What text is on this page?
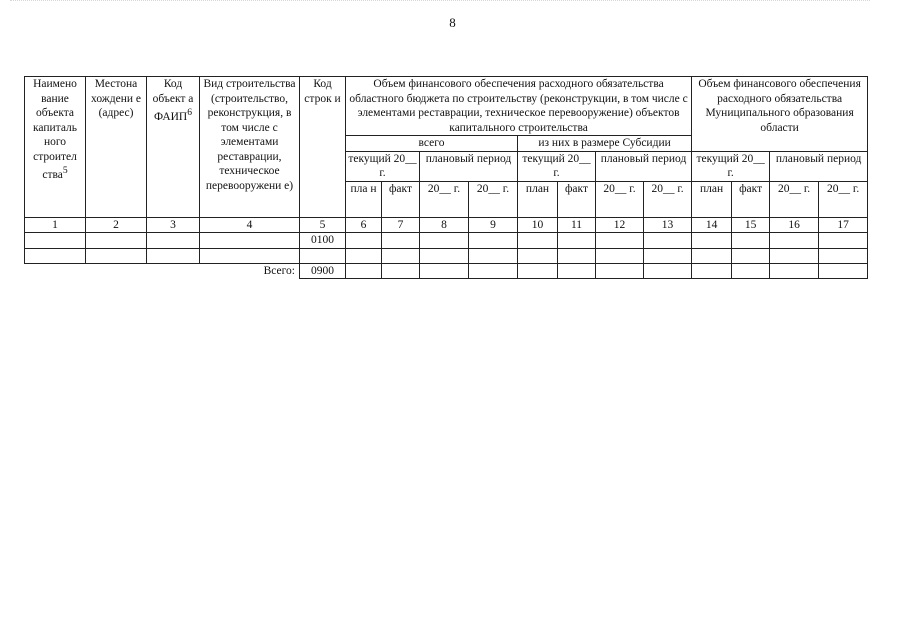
8
Наимено вание объекта капиталь ного строител ства$^5$	Местона хождени е (адрес)	Код объект а ФАИП$^6$	Вид строительства (строительство, реконструкция, в том числе с элементами реставрации, техническое перевооружени е)	Код строк и	Объем финансового обеспечения расходного обязательства областного бюджета по строительству (реконструкции, в том числе с элементами реставрации, техническое перевооружение) объектов капитального строительства								Объем финансового обеспечения расходного обязательства Муниципального образования области			
					всего				из них в размере Субсидии							
					текущий 20__ г.		плановый период		текущий 20__ г.		плановый период		текущий 20__ г.		плановый период	
					пла н	факт	20__ г.	20__ г.	план	факт	20__ г.	20__ г.	план	факт	20__ г.	20__ г.
1	2	3	4	5	6	7	8	9	10	11	12	13	14	15	16	17
				0100												

Всего:				0900												
